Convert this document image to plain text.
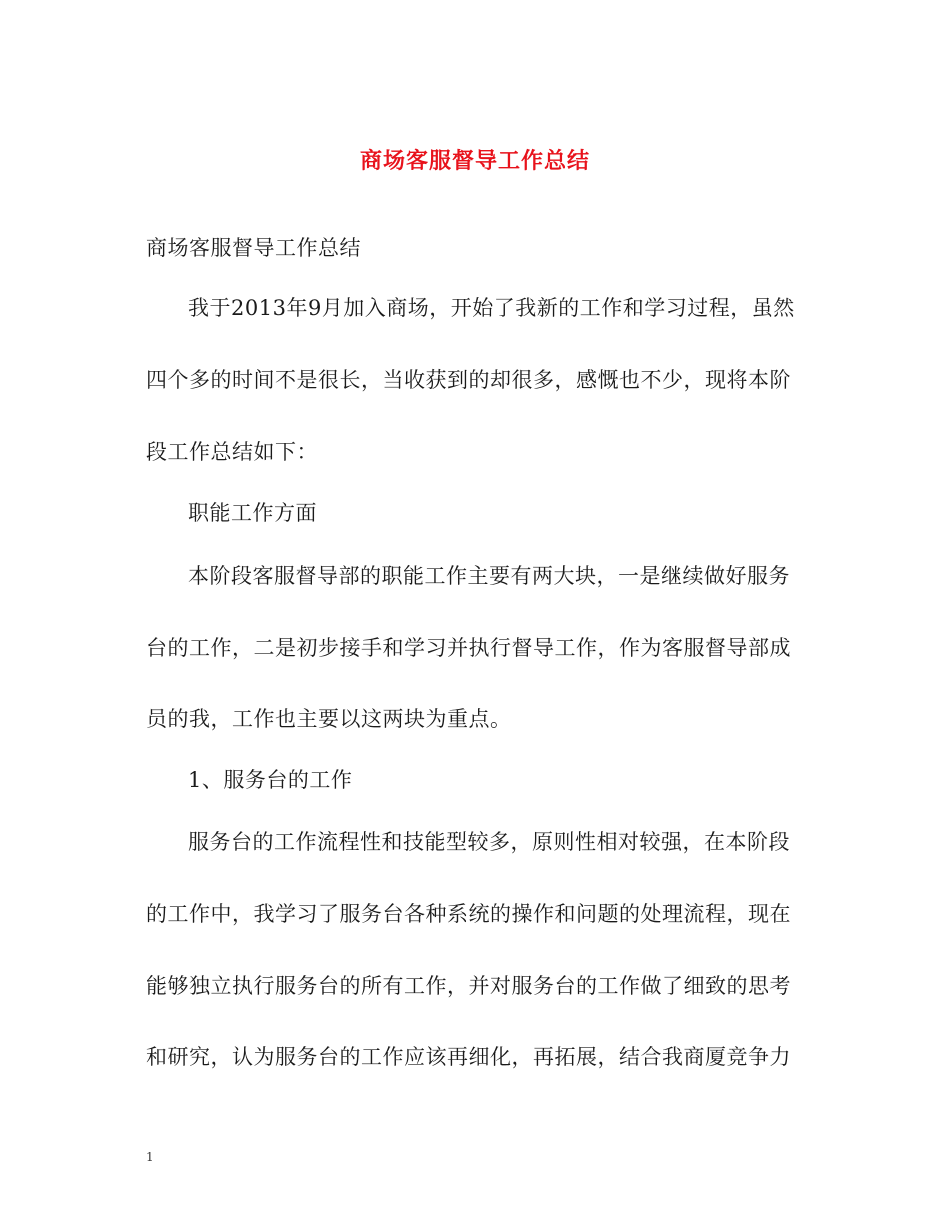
商场客服督导工作总结
商场客服督导工作总结
我于2013年9月加入商场，开始了我新的工作和学习过程，虽然
四个多的时间不是很长，当收获到的却很多，感慨也不少，现将本阶
段工作总结如下：
职能工作方面
本阶段客服督导部的职能工作主要有两大块，一是继续做好服务
台的工作，二是初步接手和学习并执行督导工作，作为客服督导部成
员的我，工作也主要以这两块为重点。
1、服务台的工作
服务台的工作流程性和技能型较多，原则性相对较强，在本阶段
的工作中，我学习了服务台各种系统的操作和问题的处理流程，现在
能够独立执行服务台的所有工作，并对服务台的工作做了细致的思考
和研究，认为服务台的工作应该再细化，再拓展，结合我商厦竞争力
1
